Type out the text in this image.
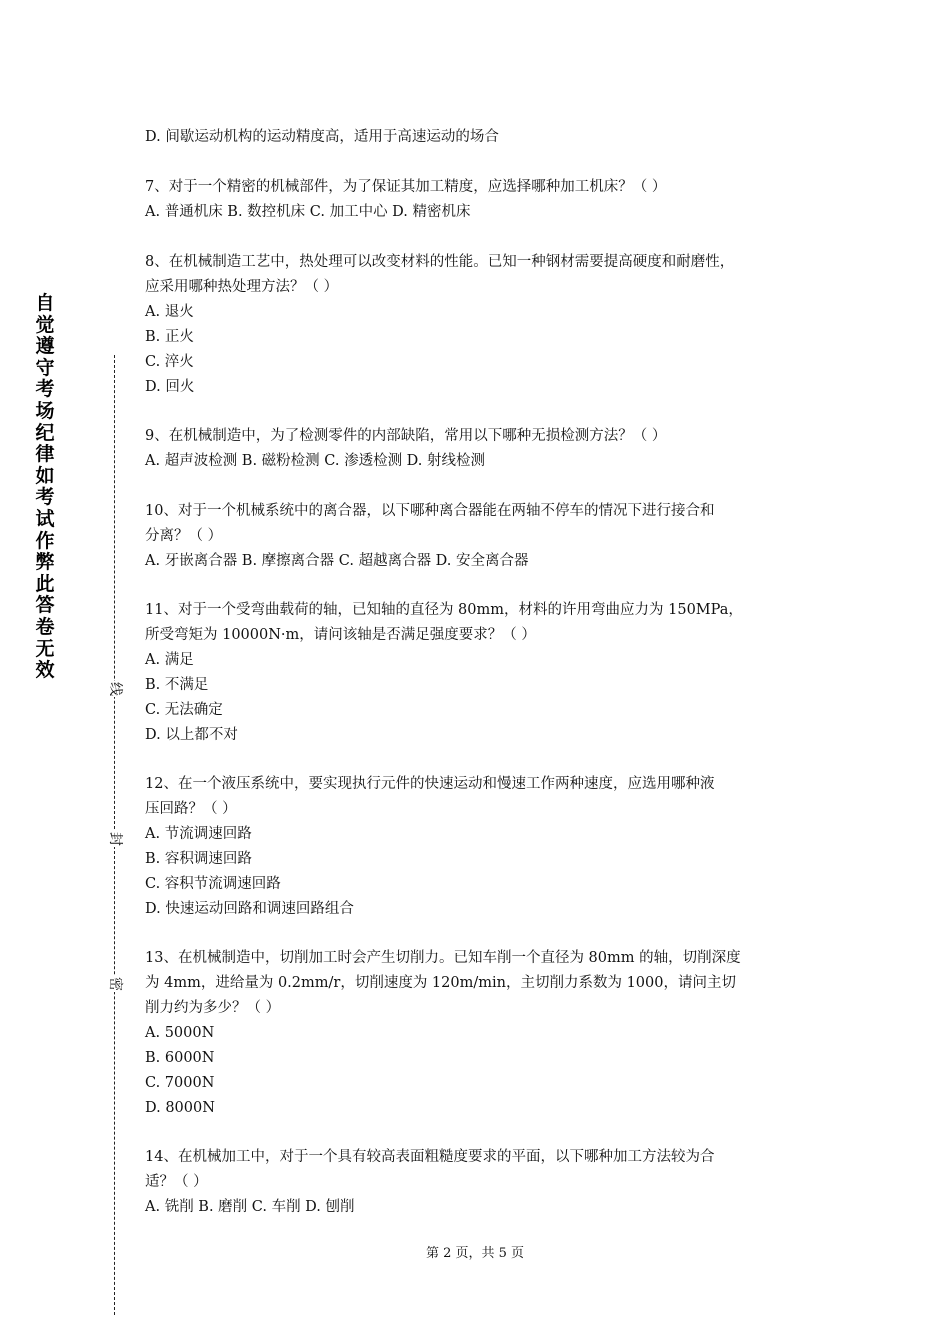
自觉遵守考场纪律如考试作弊此答卷无效
线
封
密
D. 间歇运动机构的运动精度高，适用于高速运动的场合
7、对于一个精密的机械部件，为了保证其加工精度，应选择哪种加工机床？（ ）
A. 普通机床 B. 数控机床 C. 加工中心 D. 精密机床
8、在机械制造工艺中，热处理可以改变材料的性能。已知一种钢材需要提高硬度和耐磨性，
应采用哪种热处理方法？（ ）
A. 退火
B. 正火
C. 淬火
D. 回火
9、在机械制造中，为了检测零件的内部缺陷，常用以下哪种无损检测方法？（ ）
A. 超声波检测 B. 磁粉检测 C. 渗透检测 D. 射线检测
10、对于一个机械系统中的离合器，以下哪种离合器能在两轴不停车的情况下进行接合和
分离？（ ）
A. 牙嵌离合器 B. 摩擦离合器 C. 超越离合器 D. 安全离合器
11、对于一个受弯曲载荷的轴，已知轴的直径为 80mm，材料的许用弯曲应力为 150MPa，
所受弯矩为 10000N·m，请问该轴是否满足强度要求？（ ）
A. 满足
B. 不满足
C. 无法确定
D. 以上都不对
12、在一个液压系统中，要实现执行元件的快速运动和慢速工作两种速度，应选用哪种液
压回路？（ ）
A. 节流调速回路
B. 容积调速回路
C. 容积节流调速回路
D. 快速运动回路和调速回路组合
13、在机械制造中，切削加工时会产生切削力。已知车削一个直径为 80mm 的轴，切削深度
为 4mm，进给量为 0.2mm/r，切削速度为 120m/min，主切削力系数为 1000，请问主切
削力约为多少？（ ）
A. 5000N
B. 6000N
C. 7000N
D. 8000N
14、在机械加工中，对于一个具有较高表面粗糙度要求的平面，以下哪种加工方法较为合
适？（ ）
A. 铣削 B. 磨削 C. 车削 D. 刨削
第 2 页，共 5 页
